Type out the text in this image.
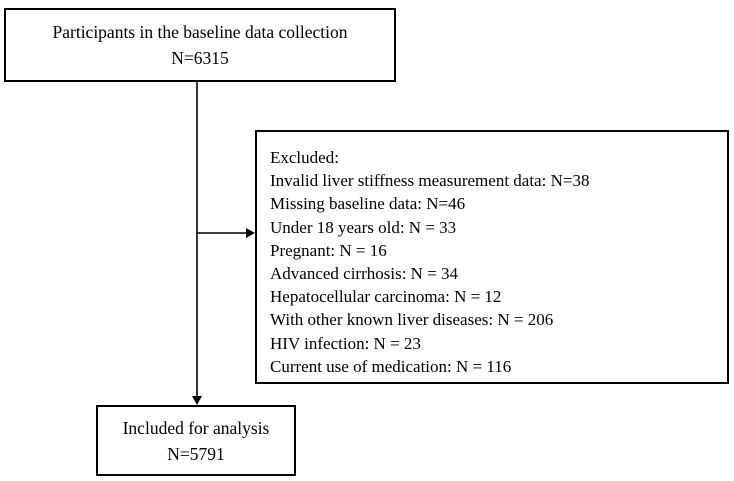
Participants in the baseline data collection
N=6315
Excluded:
Invalid liver stiffness measurement data: N=38
Missing baseline data: N=46
Under 18 years old: N = 33
Pregnant: N = 16
Advanced cirrhosis: N = 34
Hepatocellular carcinoma: N = 12
With other known liver diseases: N = 206
HIV infection: N = 23
Current use of medication: N = 116
Included for analysis
N=5791
